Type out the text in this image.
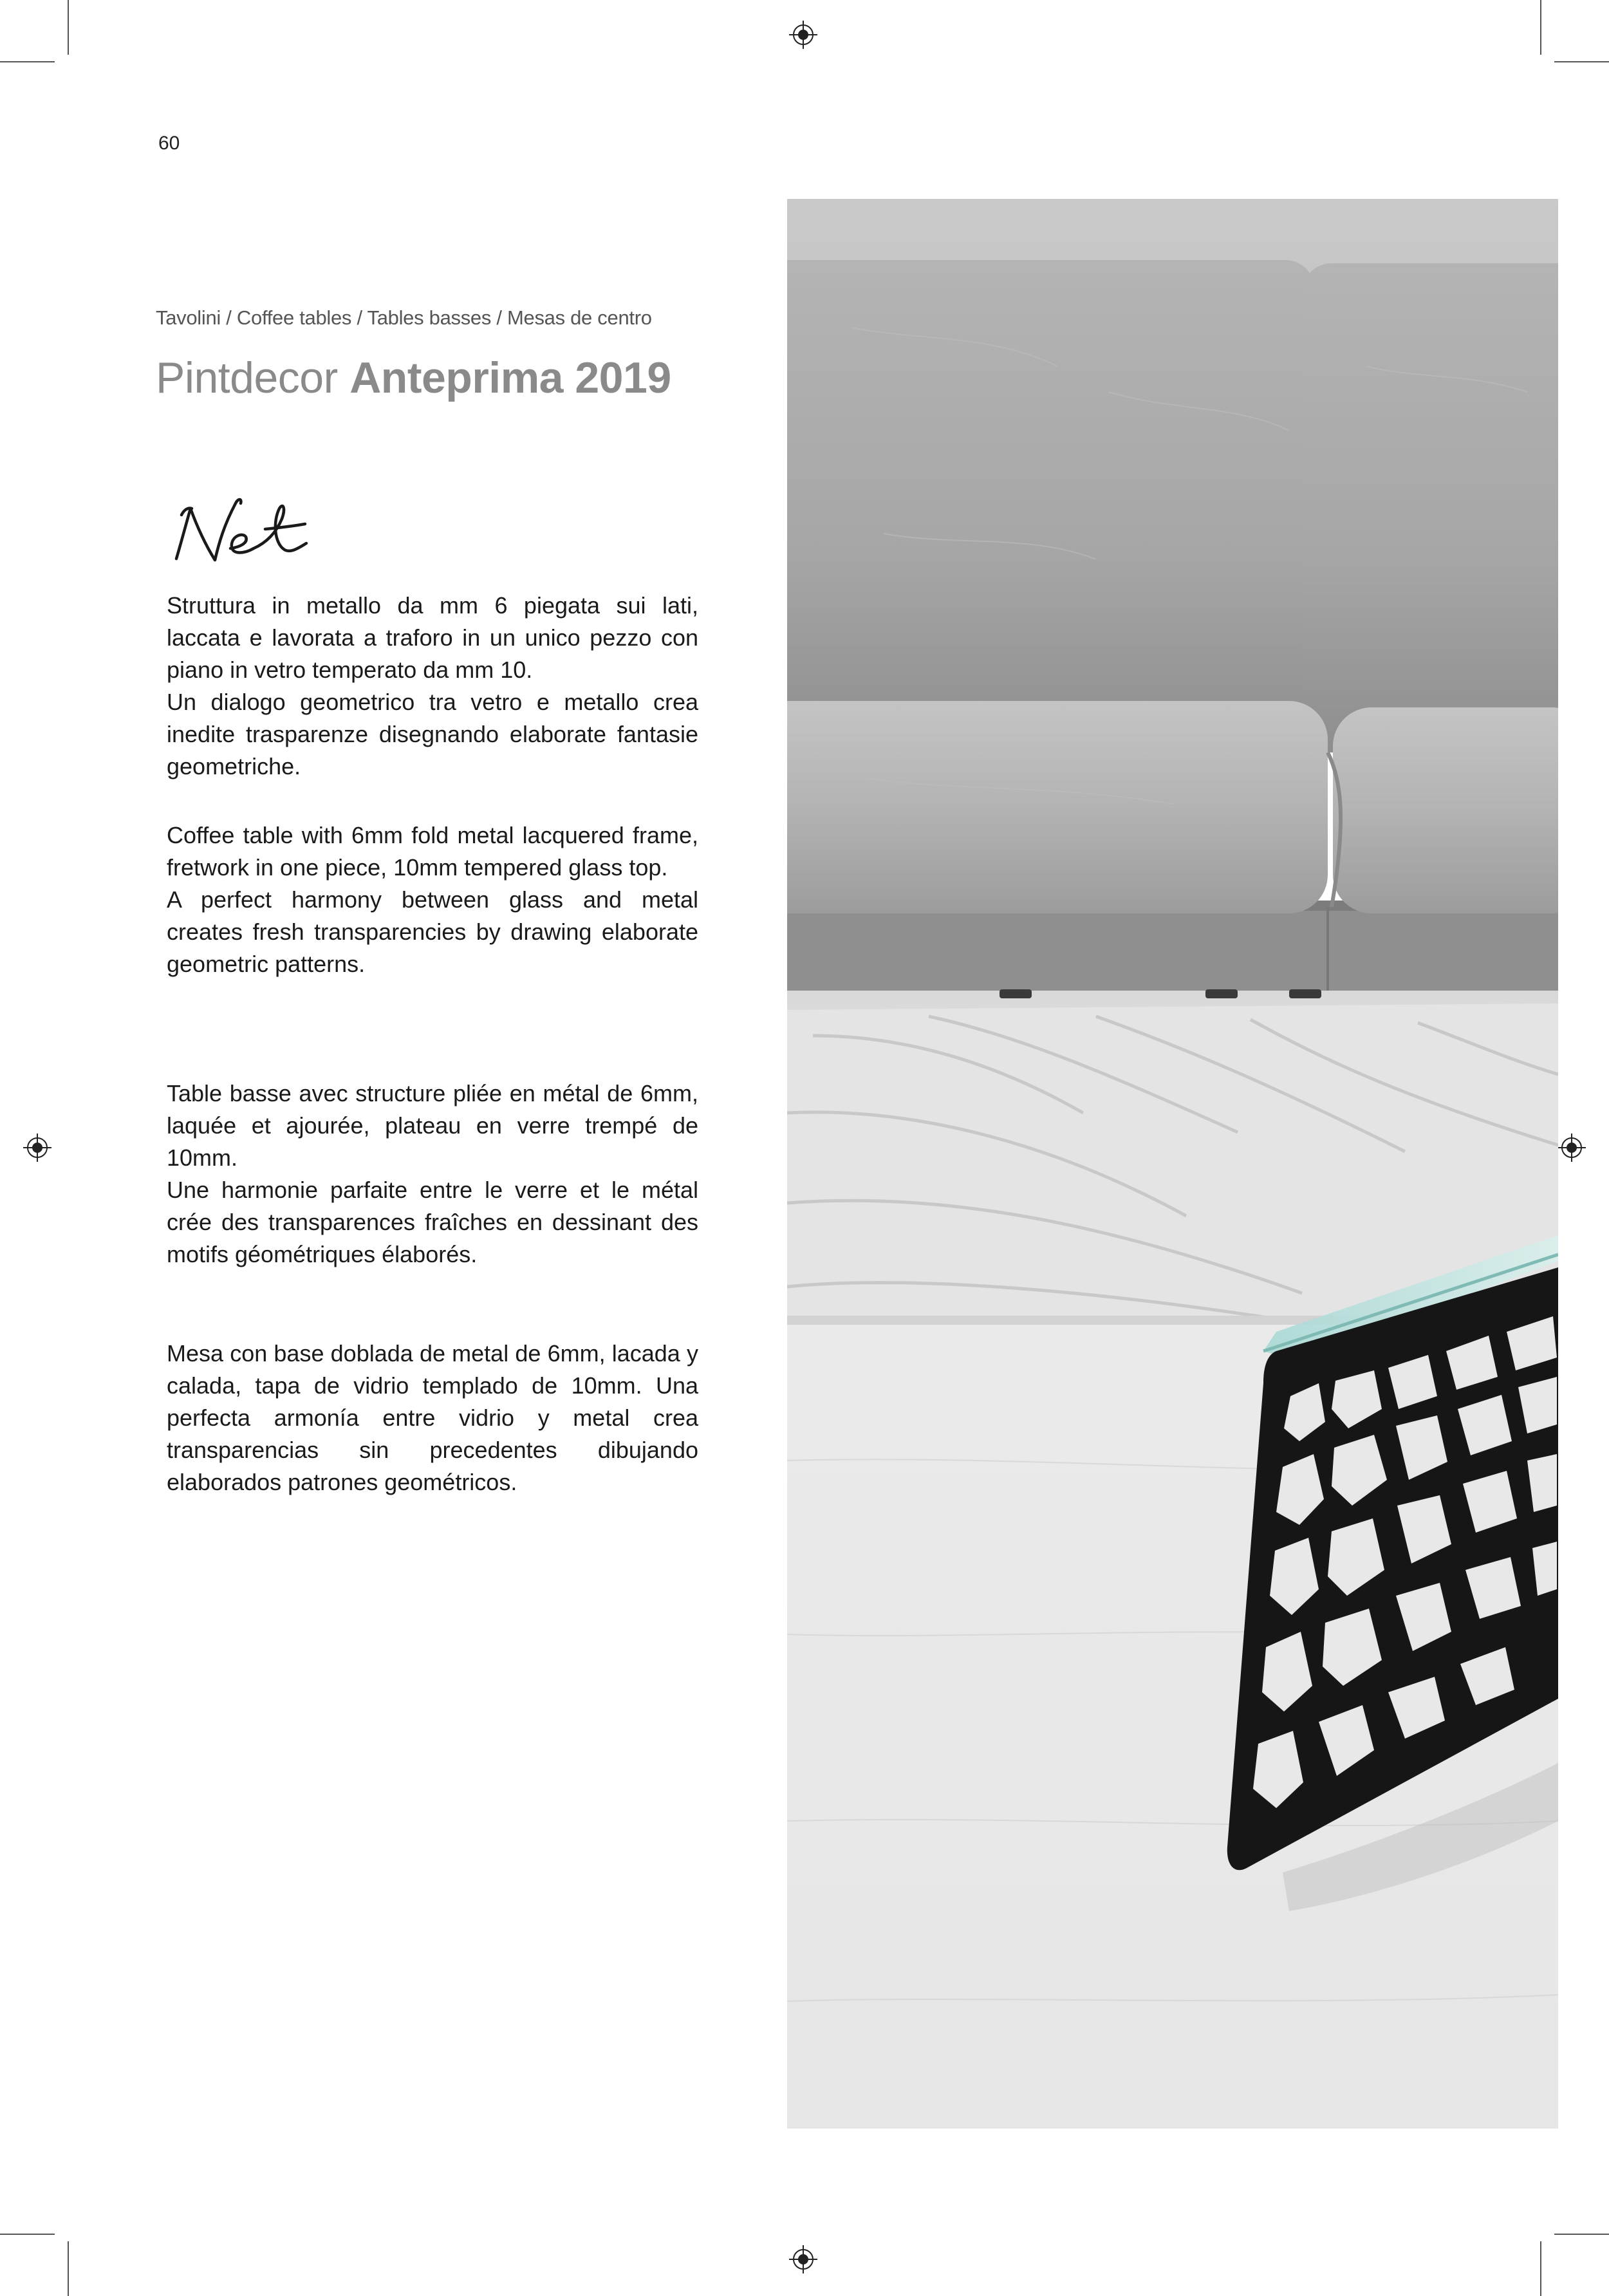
60
Tavolini / Coffee tables / Tables basses / Mesas de centro
Pintdecor Anteprima 2019

Struttura in metallo da mm 6 piegata sui lati, laccata e lavorata a traforo in un unico pezzo con piano in vetro temperato da mm 10.

Un dialogo geometrico tra vetro e metallo crea inedite trasparenze disegnando elaborate fantasie geometriche.

Coffee table with 6mm fold metal lacquered frame, fretwork in one piece, 10mm tempered glass top.

A perfect harmony between glass and metal creates fresh transparencies by drawing elaborate geometric patterns.

Table basse avec structure pliée en métal de 6mm, laquée et ajourée, plateau en verre trempé de 10mm.

Une harmonie parfaite entre le verre et le métal crée des transparences fraîches en dessinant des motifs géométriques élaborés.

Mesa con base doblada de metal de 6mm, lacada y calada, tapa de vidrio templado de 10mm. Una perfecta armonía entre vidrio y metal crea transparencias sin precedentes dibujando elaborados patrones geométricos.
